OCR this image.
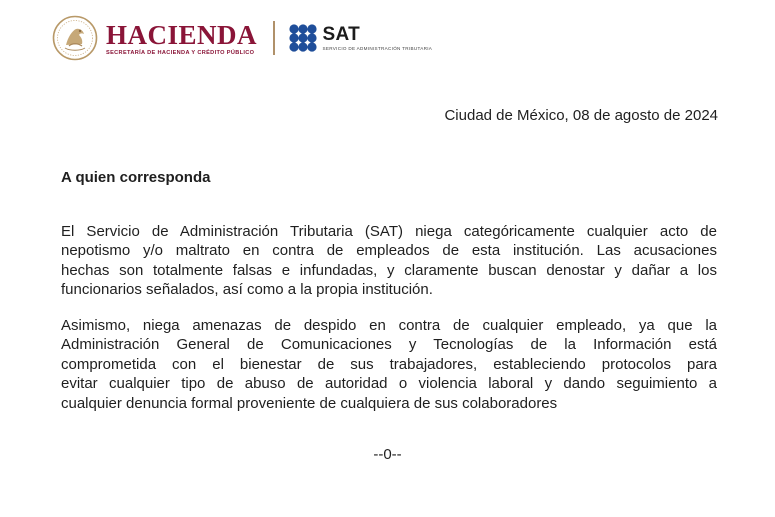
HACIENDA
SECRETARÍA DE HACIENDA Y CRÉDITO PÚBLICO
SAT
SERVICIO DE ADMINISTRACIÓN TRIBUTARIA
Ciudad de México, 08 de agosto de 2024
A quien corresponda
El Servicio de Administración Tributaria (SAT) niega categóricamente cualquier acto de
nepotismo y/o maltrato en contra de empleados de esta institución. Las acusaciones
hechas son totalmente falsas e infundadas, y claramente buscan denostar y dañar a los
funcionarios señalados, así como a la propia institución.
Asimismo, niega amenazas de despido en contra de cualquier empleado, ya que la
Administración General de Comunicaciones y Tecnologías de la Información está
comprometida con el bienestar de sus trabajadores, estableciendo protocolos para
evitar cualquier tipo de abuso de autoridad o violencia laboral y dando seguimiento a
cualquier denuncia formal proveniente de cualquiera de sus colaboradores
--0--
